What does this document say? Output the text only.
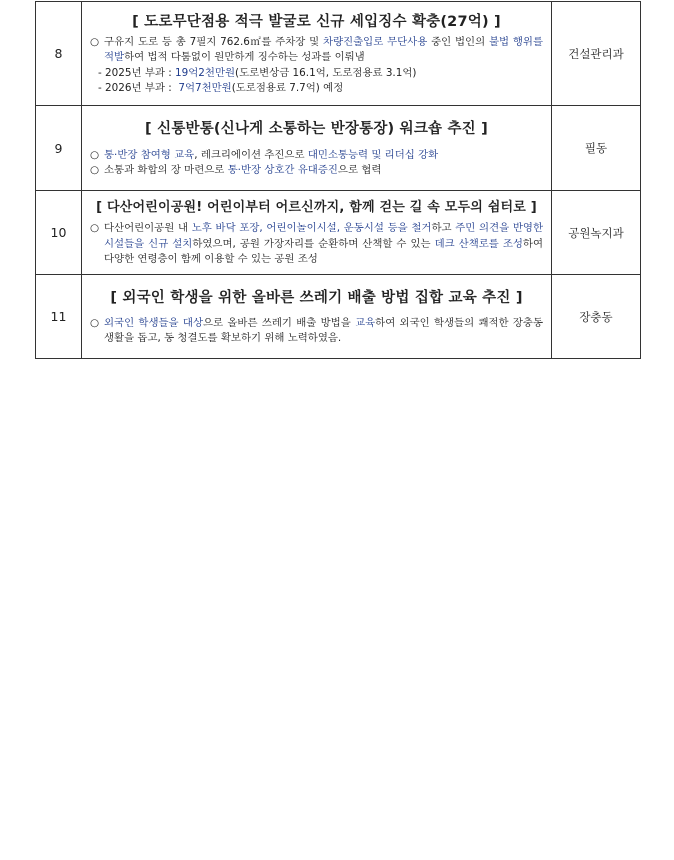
8	[ 도로무단점용 적극 발굴로 신규 세입징수 확충(27억) ]
○ 구유지 도로 등 총 7필지 762.6㎡를 주차장 및 차량진출입로 무단사용 중인 법인의 불법 행위를 적발하여 법적 다툼없이 원만하게 징수하는 성과를 이뤄냄
- 2025년 부과 : 19억2천만원(도로변상금 16.1억, 도로점용료 3.1억)
- 2026년 부과 :  7억7천만원(도로점용료 7.7억) 예정	건설관리과
9	[ 신통반통(신나게 소통하는 반장통장) 워크숍 추진 ]
○ 통·반장 참여형 교육, 레크리에이션 추진으로 대민소통능력 및 리더십 강화
○ 소통과 화합의 장 마련으로 통·반장 상호간 유대증진으로 협력	필동
10	[ 다산어린이공원! 어린이부터 어르신까지, 함께 걷는 길 속 모두의 쉼터로 ]
○ 다산어린이공원 내 노후 바닥 포장, 어린이놀이시설, 운동시설 등을 철거하고 주민 의견을 반영한 시설들을 신규 설치하였으며, 공원 가장자리를 순환하며 산책할 수 있는 데크 산책로를 조성하여 다양한 연령층이 함께 이용할 수 있는 공원 조성	공원녹지과
11	[ 외국인 학생을 위한 올바른 쓰레기 배출 방법 집합 교육 추진 ]
○ 외국인 학생들을 대상으로 올바른 쓰레기 배출 방법을 교육하여 외국인 학생들의 쾌적한 장충동 생활을 돕고, 동 청결도를 확보하기 위해 노력하였음.	장충동
